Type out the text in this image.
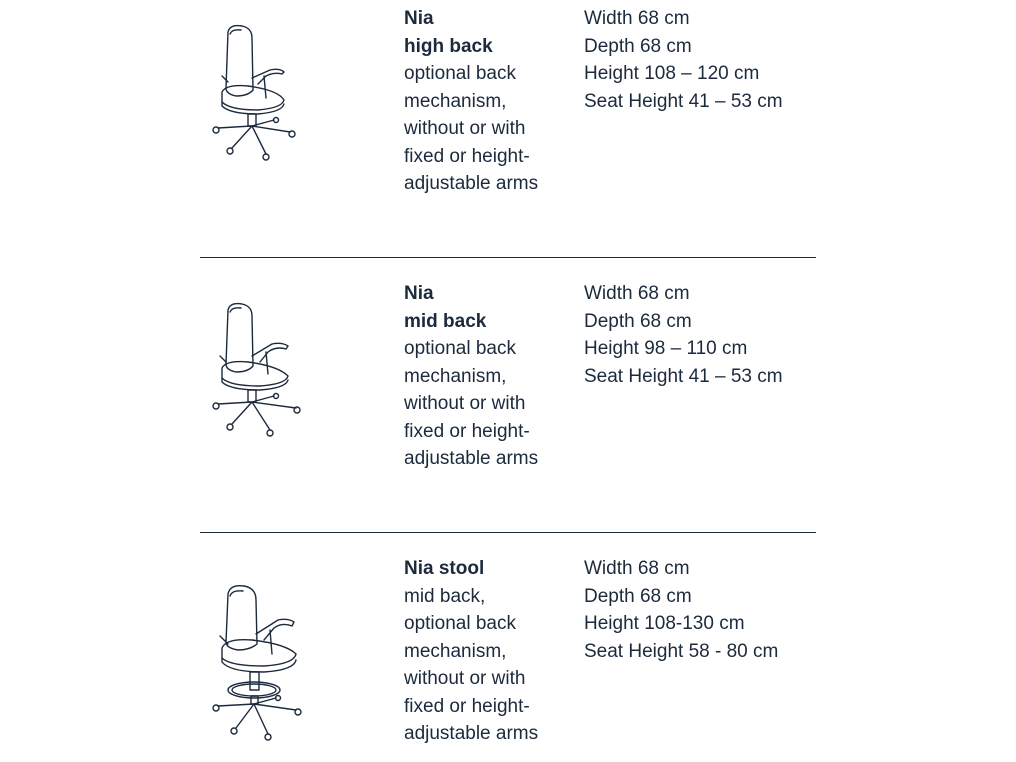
Nia
high back
optional back
mechanism,
without or with
fixed or height-
adjustable arms
Width 68 cm
Depth 68 cm
Height 108 – 120 cm
Seat Height 41 – 53 cm
Nia
mid back
optional back
mechanism,
without or with
fixed or height-
adjustable arms
Width 68 cm
Depth 68 cm
Height 98 – 110 cm
Seat Height 41 – 53 cm
Nia stool
mid back,
optional back
mechanism,
without or with
fixed or height-
adjustable arms
Width 68 cm
Depth 68 cm
Height 108-130 cm
Seat Height 58 - 80 cm
